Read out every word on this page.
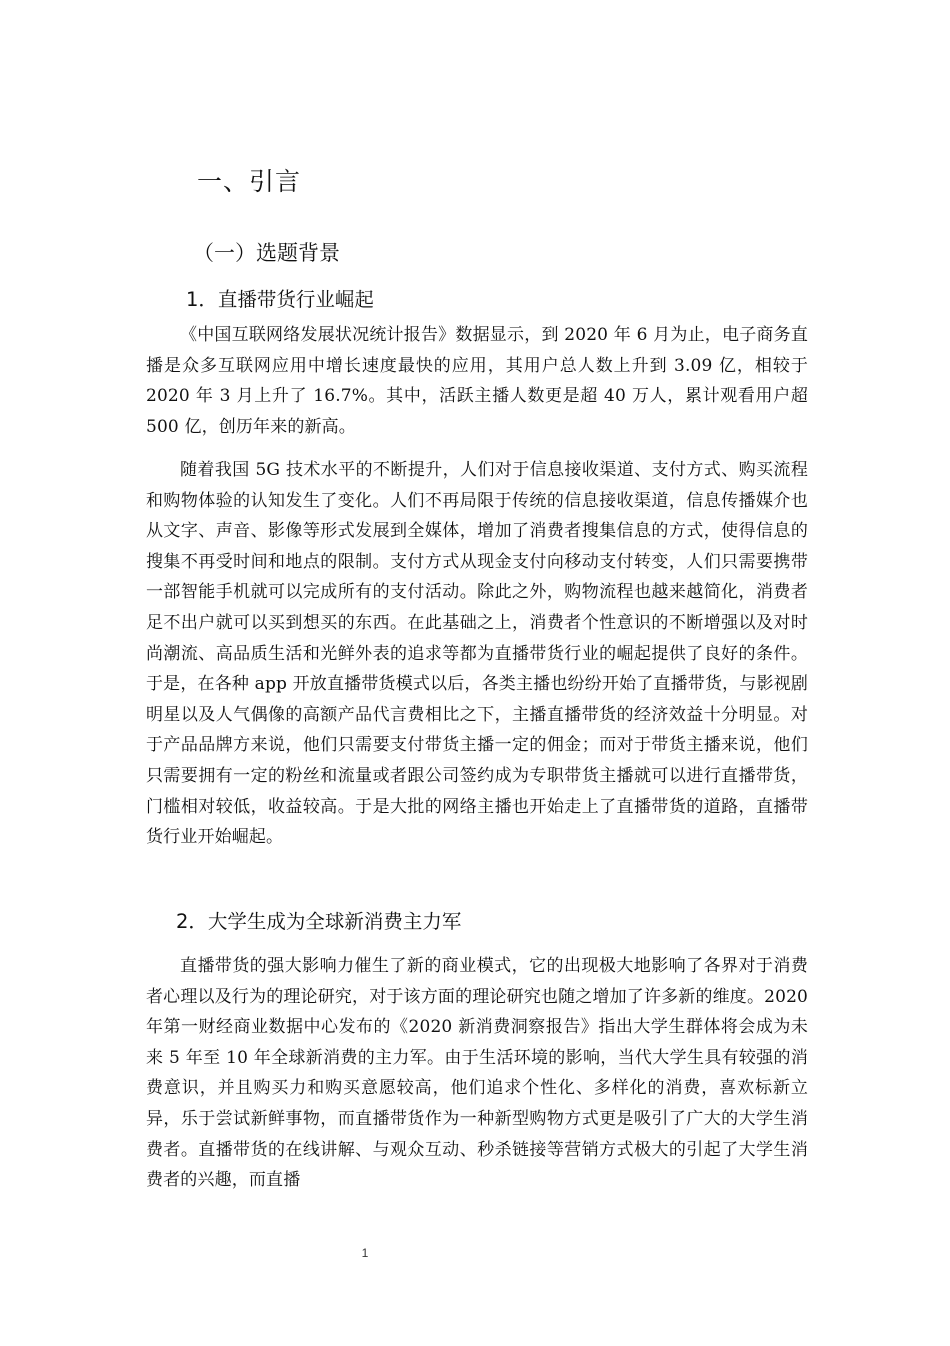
一、引言
（一）选题背景
1．直播带货行业崛起

《中国互联网络发展状况统计报告》数据显示，到 2020 年 6 月为止，电子商务直播是众多互联网应用中增长速度最快的应用，其用户总人数上升到 3.09 亿，相较于 2020 年 3 月上升了 16.7%。其中，活跃主播人数更是超 40 万人，累计观看用户超 500 亿，创历年来的新高。

随着我国 5G 技术水平的不断提升，人们对于信息接收渠道、支付方式、购买流程和购物体验的认知发生了变化。人们不再局限于传统的信息接收渠道，信息传播媒介也从文字、声音、影像等形式发展到全媒体，增加了消费者搜集信息的方式，使得信息的搜集不再受时间和地点的限制。支付方式从现金支付向移动支付转变，人们只需要携带一部智能手机就可以完成所有的支付活动。除此之外，购物流程也越来越简化，消费者足不出户就可以买到想买的东西。在此基础之上，消费者个性意识的不断增强以及对时尚潮流、高品质生活和光鲜外表的追求等都为直播带货行业的崛起提供了良好的条件。于是，在各种 app 开放直播带货模式以后，各类主播也纷纷开始了直播带货，与影视剧明星以及人气偶像的高额产品代言费相比之下，主播直播带货的经济效益十分明显。对于产品品牌方来说，他们只需要支付带货主播一定的佣金；而对于带货主播来说，他们只需要拥有一定的粉丝和流量或者跟公司签约成为专职带货主播就可以进行直播带货，门槛相对较低，收益较高。于是大批的网络主播也开始走上了直播带货的道路，直播带货行业开始崛起。

2．大学生成为全球新消费主力军

直播带货的强大影响力催生了新的商业模式，它的出现极大地影响了各界对于消费者心理以及行为的理论研究，对于该方面的理论研究也随之增加了许多新的维度。2020 年第一财经商业数据中心发布的《2020 新消费洞察报告》指出大学生群体将会成为未来 5 年至 10 年全球新消费的主力军。由于生活环境的影响，当代大学生具有较强的消费意识，并且购买力和购买意愿较高，他们追求个性化、多样化的消费，喜欢标新立异，乐于尝试新鲜事物，而直播带货作为一种新型购物方式更是吸引了广大的大学生消费者。直播带货的在线讲解、与观众互动、秒杀链接等营销方式极大的引起了大学生消费者的兴趣，而直播

1
